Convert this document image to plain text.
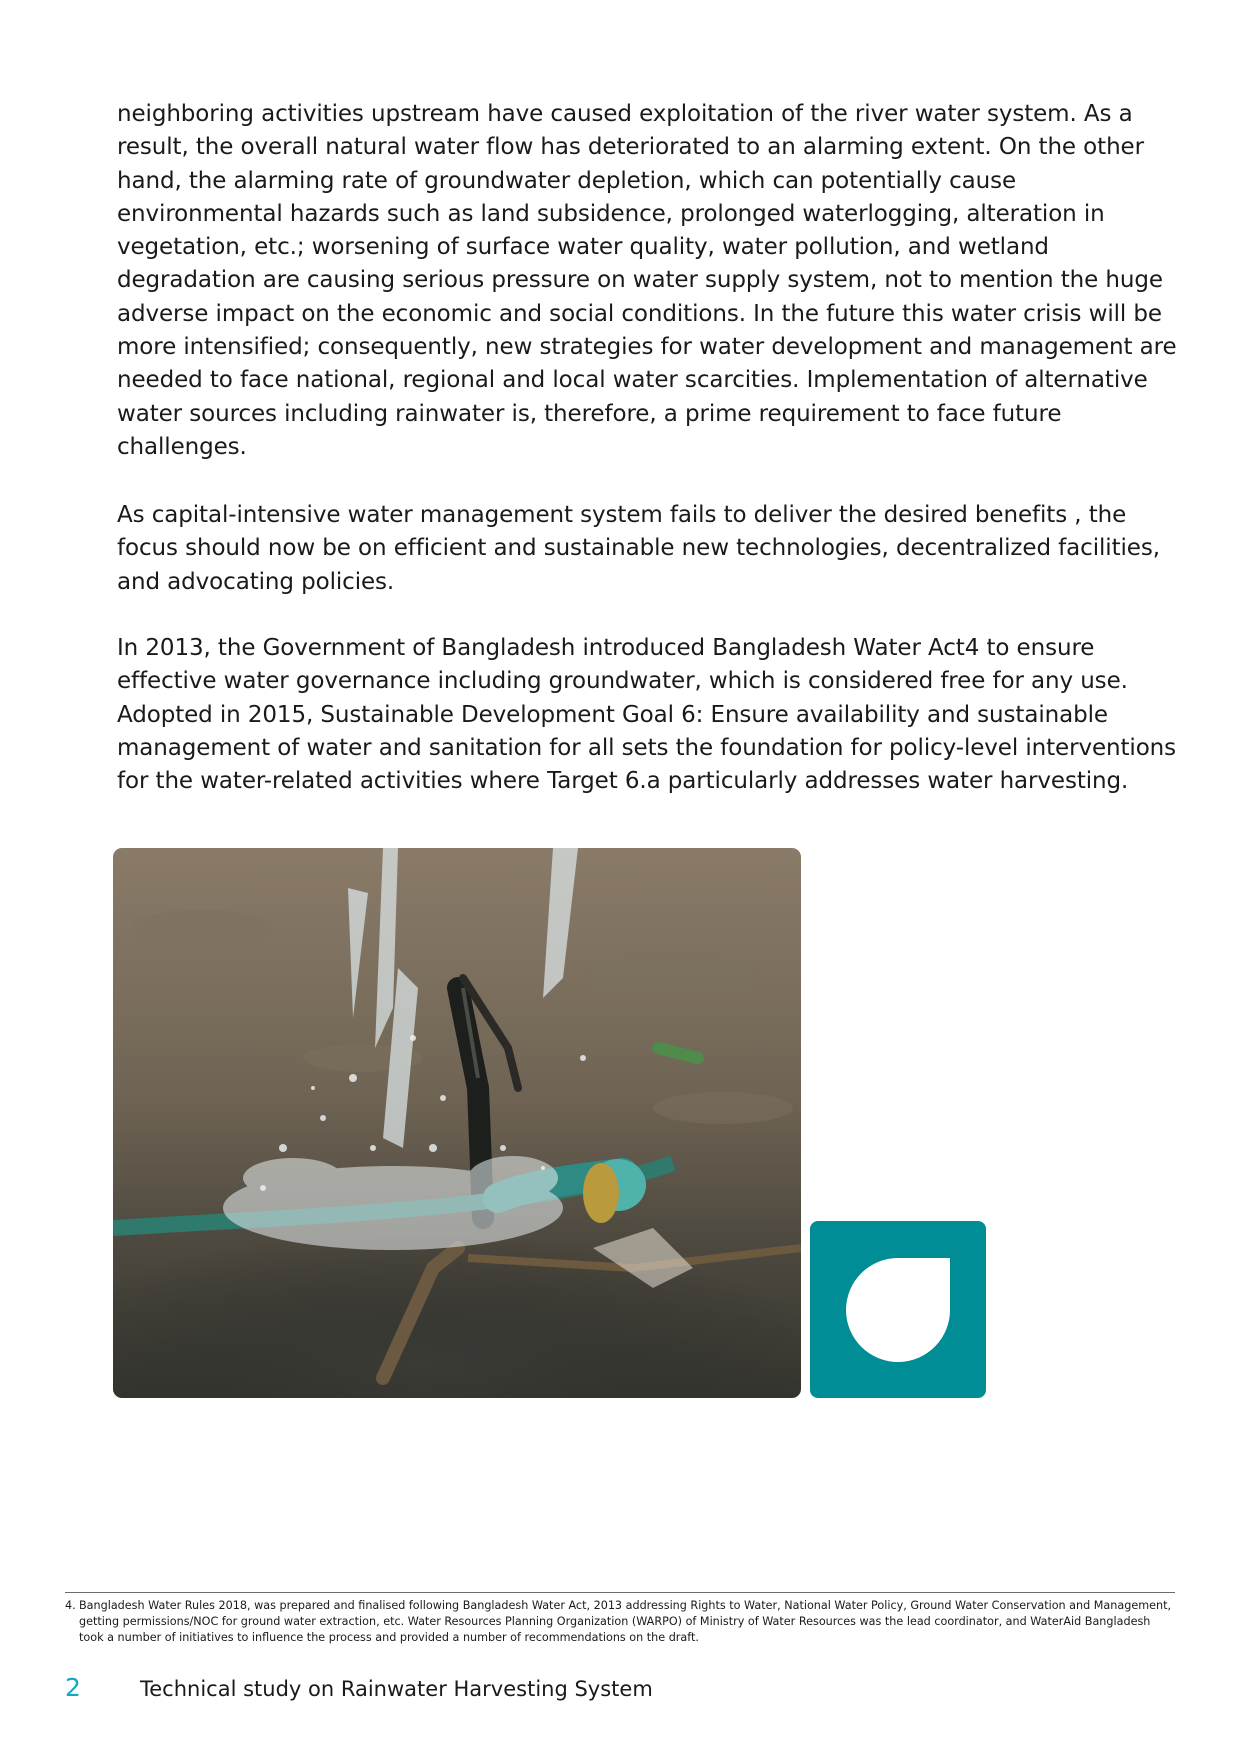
neighboring activities upstream have caused exploitation of the river water system. As a result, the overall natural water flow has deteriorated to an alarming extent. On the other hand, the alarming rate of groundwater depletion, which can potentially cause environmental hazards such as land subsidence, prolonged waterlogging, alteration in vegetation, etc.; worsening of surface water quality, water pollution, and wetland degradation are causing serious pressure on water supply system, not to mention the huge adverse impact on the economic and social conditions. In the future this water crisis will be more intensified; consequently, new strategies for water development and management are needed to face national, regional and local water scarcities. Implementation of alternative water sources including rainwater is, therefore, a prime requirement to face future challenges.

As capital-intensive water management system fails to deliver the desired benefits , the focus should now be on efficient and sustainable new technologies, decentralized facilities, and advocating policies.

In 2013, the Government of Bangladesh introduced Bangladesh Water Act4 to ensure effective water governance including groundwater, which is considered free for any use. Adopted in 2015, Sustainable Development Goal 6: Ensure availability and sustainable management of water and sanitation for all sets the foundation for policy-level interventions for the water-related activities where Target 6.a particularly addresses water harvesting.

4. Bangladesh Water Rules 2018, was prepared and finalised following Bangladesh Water Act, 2013 addressing Rights to Water, National Water Policy, Ground Water Conservation and Management, getting permissions/NOC for ground water extraction, etc. Water Resources Planning Organization (WARPO) of Ministry of Water Resources was the lead coordinator, and WaterAid Bangladesh took a number of initiatives to influence the process and provided a number of recommendations on the draft.
2	Technical study on Rainwater Harvesting System
